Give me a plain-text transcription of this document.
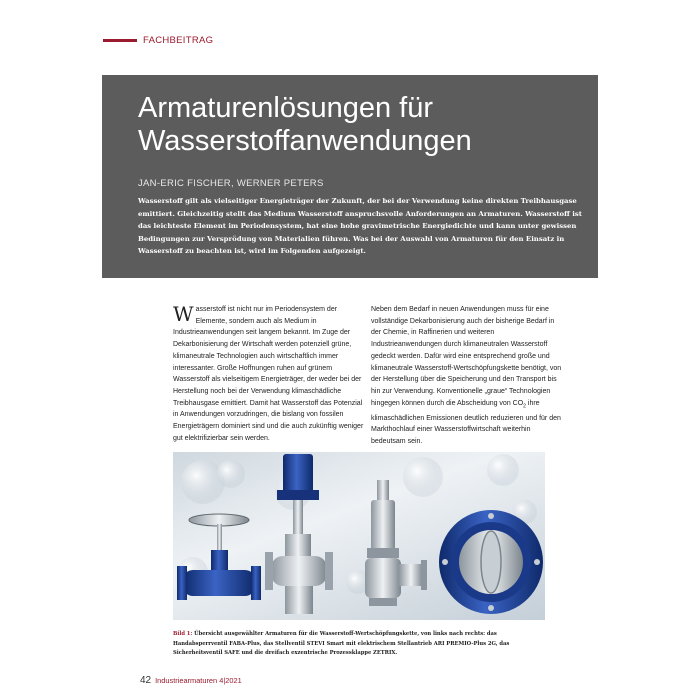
FACHBEITRAG
Armaturenlösungen für Wasserstoffanwendungen
JAN-ERIC FISCHER, WERNER PETERS
Wasserstoff gilt als vielseitiger Energieträger der Zukunft, der bei der Verwendung keine direkten Treibhausgase emittiert. Gleichzeitig stellt das Medium Wasserstoff anspruchsvolle Anforderungen an Armaturen. Wasserstoff ist das leichteste Element im Periodensystem, hat eine hohe gravimetrische Energiedichte und kann unter gewissen Bedingungen zur Versprödung von Materialien führen. Was bei der Auswahl von Armaturen für den Einsatz in Wasserstoff zu beachten ist, wird im Folgenden aufgezeigt.
Wasserstoff ist nicht nur im Periodensystem der Elemente, sondern auch als Medium in Industrieanwendungen seit langem bekannt. Im Zuge der Dekarbonisierung der Wirtschaft werden potenziell grüne, klimaneutrale Technologien auch wirtschaftlich immer interessanter. Große Hoffnungen ruhen auf grünem Wasserstoff als vielseitigem Energieträger, der weder bei der Herstellung noch bei der Verwendung klimaschädliche Treibhausgase emittiert. Damit hat Wasserstoff das Potenzial in Anwendungen vorzudringen, die bislang von fossilen Energieträgern dominiert sind und die auch zukünftig weniger gut elektrifizierbar sein werden.
Neben dem Bedarf in neuen Anwendungen muss für eine vollständige Dekarbonisierung auch der bisherige Bedarf in der Chemie, in Raffinerien und weiteren Industrieanwendungen durch klimaneutralen Wasserstoff gedeckt werden. Dafür wird eine entsprechend große und klimaneutrale Wasserstoff-Wertschöpfungskette benötigt, von der Herstellung über die Speicherung und den Transport bis hin zur Verwendung. Konventionelle „graue“ Technologien hingegen können durch die Abscheidung von $CO_2$ ihre klimaschädlichen Emissionen deutlich reduzieren und für den Markthochlauf einer Wasserstoffwirtschaft weiterhin bedeutsam sein.
Bild 1: Übersicht ausgewählter Armaturen für die Wasserstoff-Wertschöpfungskette, von links nach rechts: das Handabsperrventil FABA-Plus, das Stellventil STEVI Smart mit elektrischem Stellantrieb ARI PREMIO-Plus 2G, das Sicherheitsventil SAFE und die dreifach exzentrische Prozessklappe ZETRIX.
42 Industriearmaturen 4|2021
